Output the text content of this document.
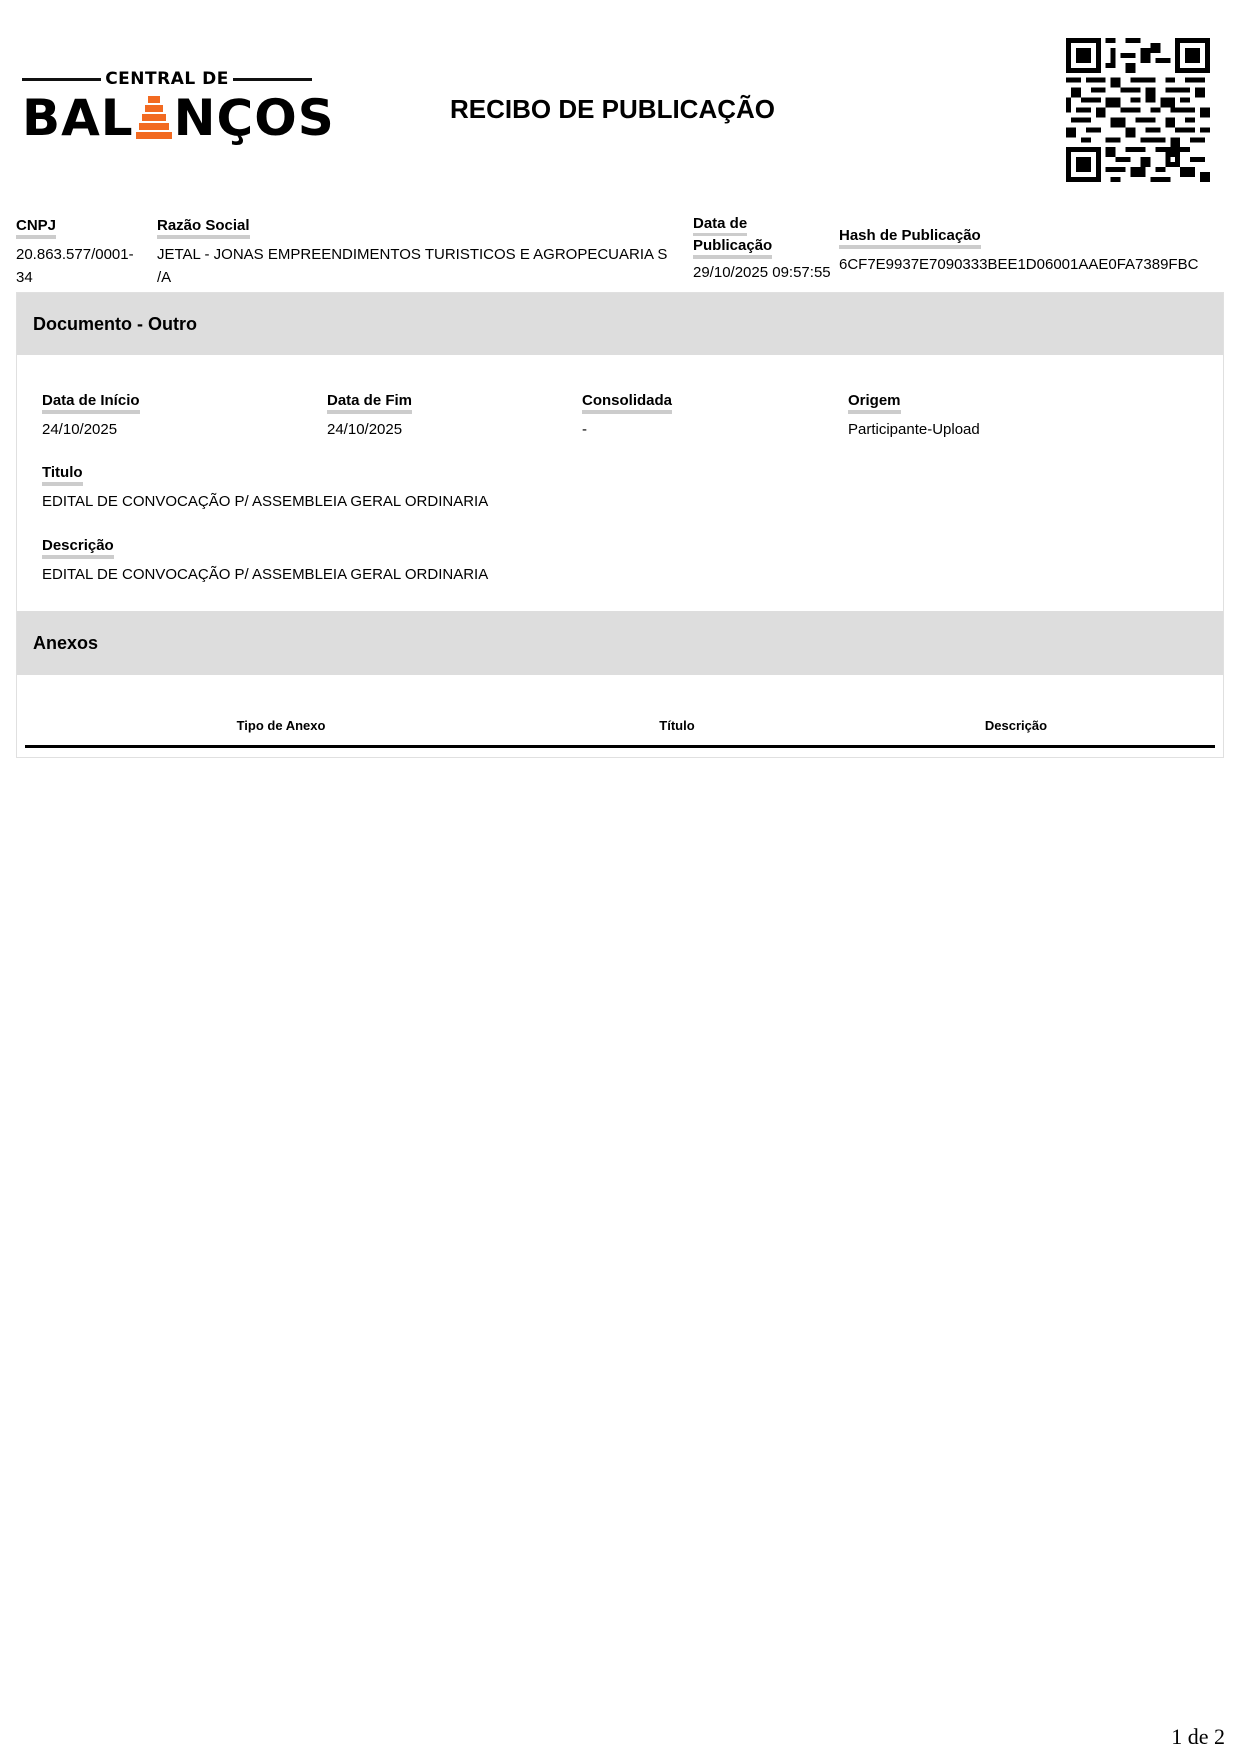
CENTRAL DE
BAL NÇOS	RECIBO DE PUBLICAÇÃO
CNPJ
20.863.577/0001-
34
Razão Social
JETAL - JONAS EMPREENDIMENTOS TURISTICOS E AGROPECUARIA S
/A
Data de
Publicação
29/10/2025 09:57:55
Hash de Publicação
6CF7E9937E7090333BEE1D06001AAE0FA7389FBC
Documento - Outro
Data de Início
24/10/2025
Data de Fim
24/10/2025
Consolidada
-
Origem
Participante-Upload
Titulo
EDITAL DE CONVOCAÇÃO P/ ASSEMBLEIA GERAL ORDINARIA
Descrição
EDITAL DE CONVOCAÇÃO P/ ASSEMBLEIA GERAL ORDINARIA
Anexos
Tipo de Anexo	Título	Descrição
1 de 2
